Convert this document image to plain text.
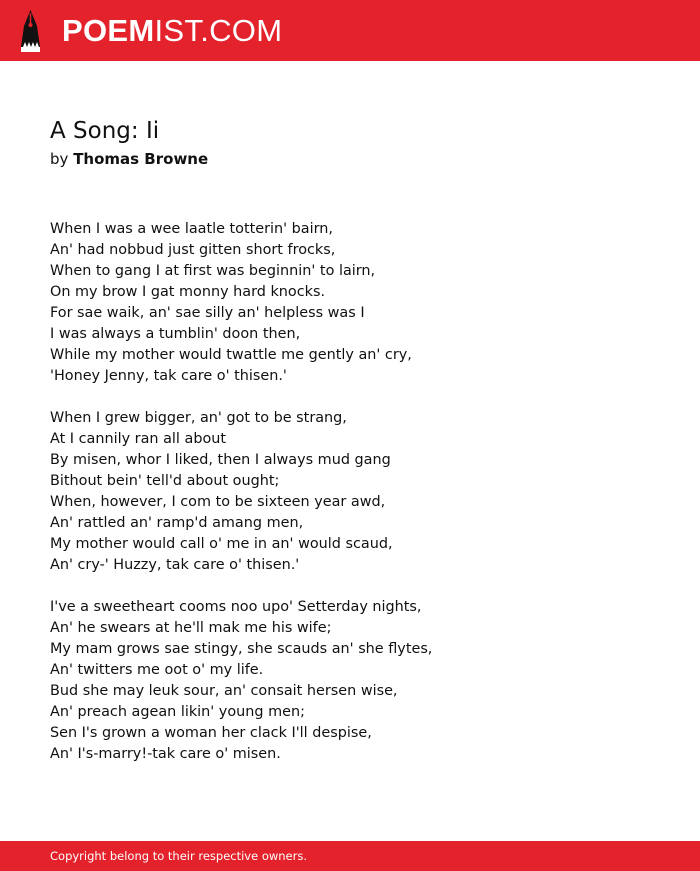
POEMIST.COM
A Song: Ii
by Thomas Browne
When I was a wee laatle totterin' bairn,
An' had nobbud just gitten short frocks,
When to gang I at first was beginnin' to lairn,
On my brow I gat monny hard knocks.
For sae waik, an' sae silly an' helpless was I
I was always a tumblin' doon then,
While my mother would twattle me gently an' cry,
'Honey Jenny, tak care o' thisen.'
When I grew bigger, an' got to be strang,
At I cannily ran all about
By misen, whor I liked, then I always mud gang
Bithout bein' tell'd about ought;
When, however, I com to be sixteen year awd,
An' rattled an' ramp'd amang men,
My mother would call o' me in an' would scaud,
An' cry-' Huzzy, tak care o' thisen.'
I've a sweetheart cooms noo upo' Setterday nights,
An' he swears at he'll mak me his wife;
My mam grows sae stingy, she scauds an' she flytes,
An' twitters me oot o' my life.
Bud she may leuk sour, an' consait hersen wise,
An' preach agean likin' young men;
Sen I's grown a woman her clack I'll despise,
An' I's-marry!-tak care o' misen.
Copyright belong to their respective owners.
